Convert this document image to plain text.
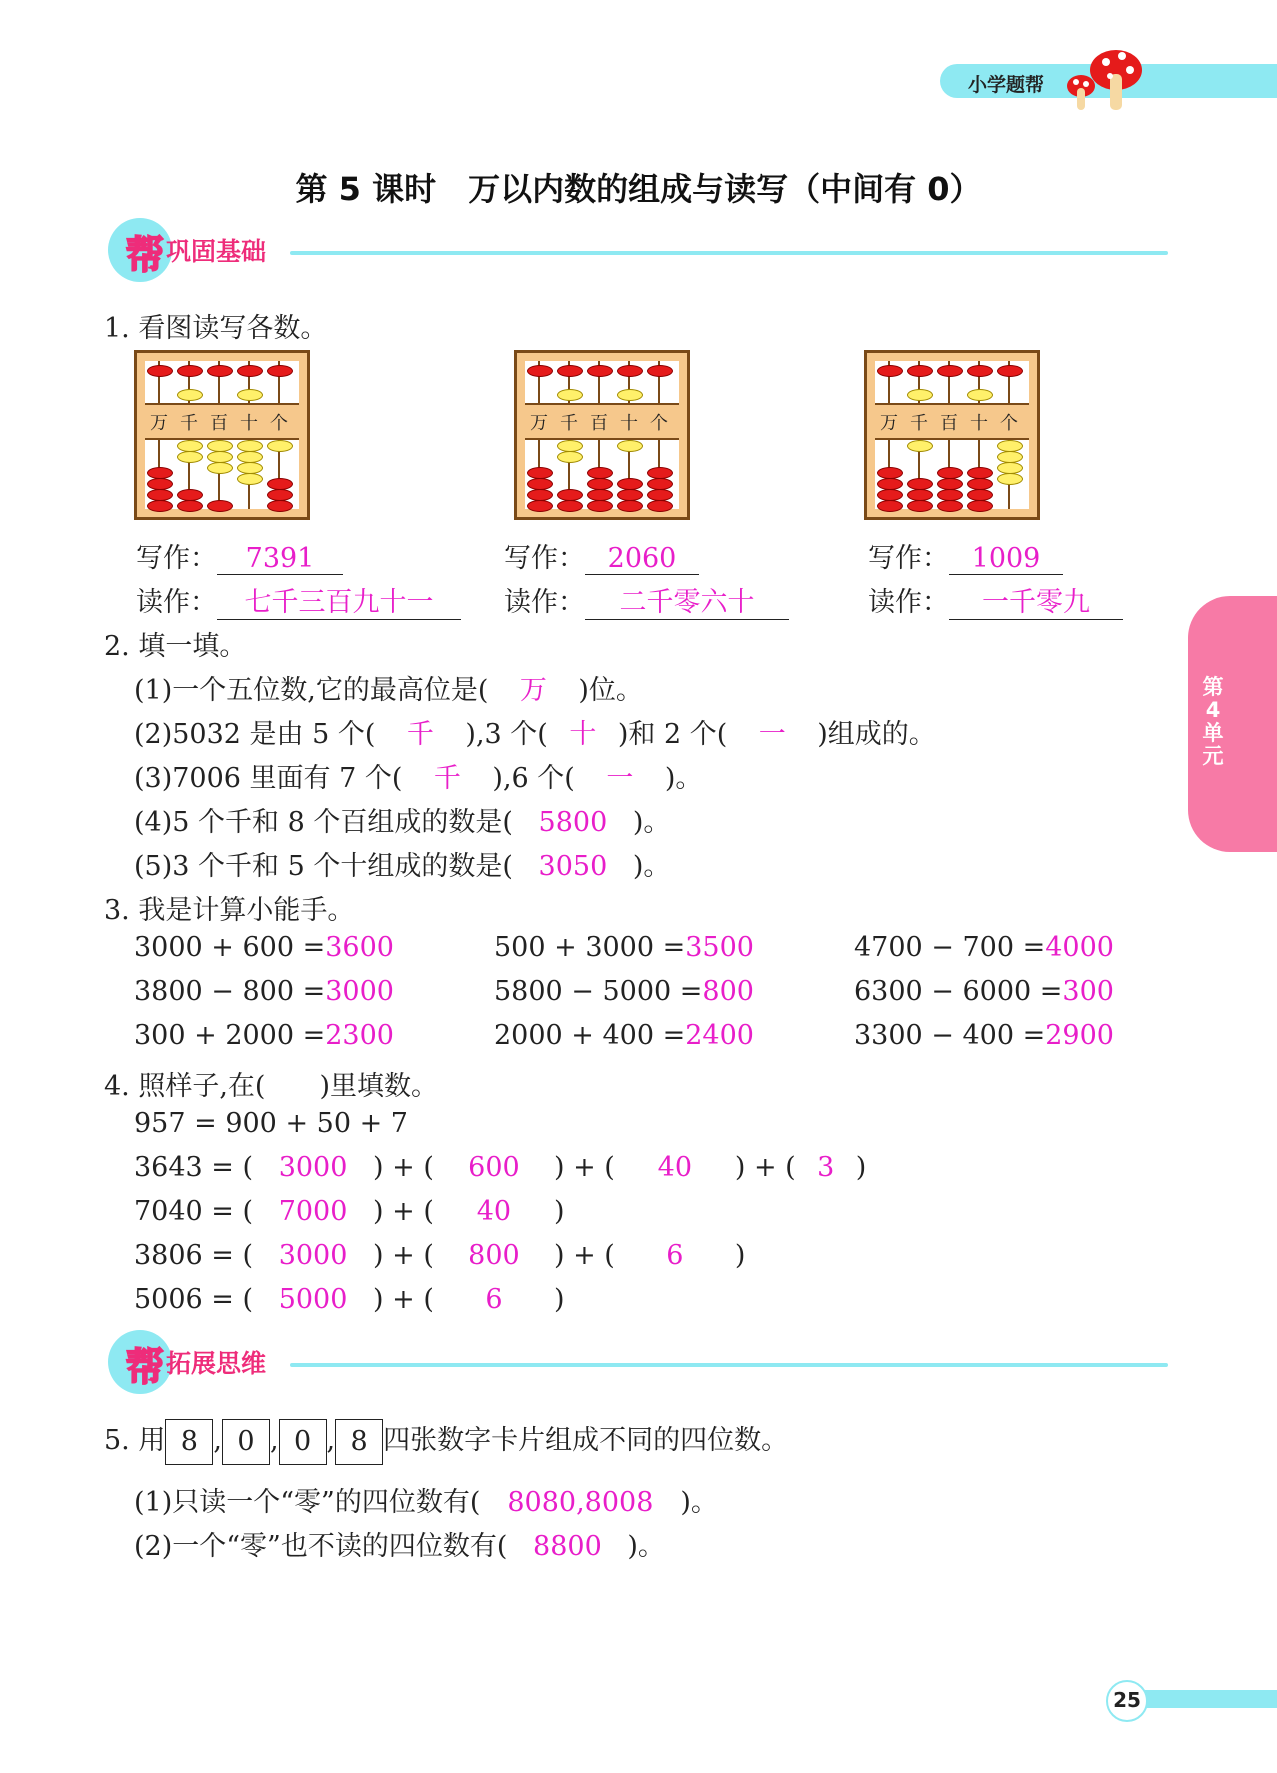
小学题帮
第 5 课时　万以内数的组成与读写（中间有 0）
帮 巩固基础
1. 看图读写各数。
万 千 百 十 个	万 千 百 十 个	万 千 百 十 个
写作： 7391
读作： 七千三百九十一
写作： 2060
读作： 二千零六十
写作： 1009
读作： 一千零九
2. 填一填。
(1)一个五位数,它的最高位是( 万 )位。
(2)5032 是由 5 个( 千 ),3 个( 十 )和 2 个( 一 )组成的。
(3)7006 里面有 7 个( 千 ),6 个( 一 )。
(4)5 个千和 8 个百组成的数是( 5800 )。
(5)3 个千和 5 个十组成的数是( 3050 )。
3. 我是计算小能手。
3000 + 600 =3600	500 + 3000 =3500	4700 − 700 =4000
3800 − 800 =3000	5800 − 5000 =800	6300 − 6000 =300
300 + 2000 =2300	2000 + 400 =2400	3300 − 400 =2900
4. 照样子,在(　　)里填数。
957 = 900 + 50 + 7
3643 = ( 3000 ) + ( 600 ) + ( 40 ) + ( 3 )
7040 = ( 7000 ) + ( 40 )
3806 = ( 3000 ) + ( 800 ) + ( 6 )
5006 = ( 5000 ) + ( 6 )
帮 拓展思维
5. 用 8 , 0 , 0 , 8 四张数字卡片组成不同的四位数。
(1)只读一个“零”的四位数有( 8080,8008 )。
(2)一个“零”也不读的四位数有( 8800 )。
第
4
单
元
25
